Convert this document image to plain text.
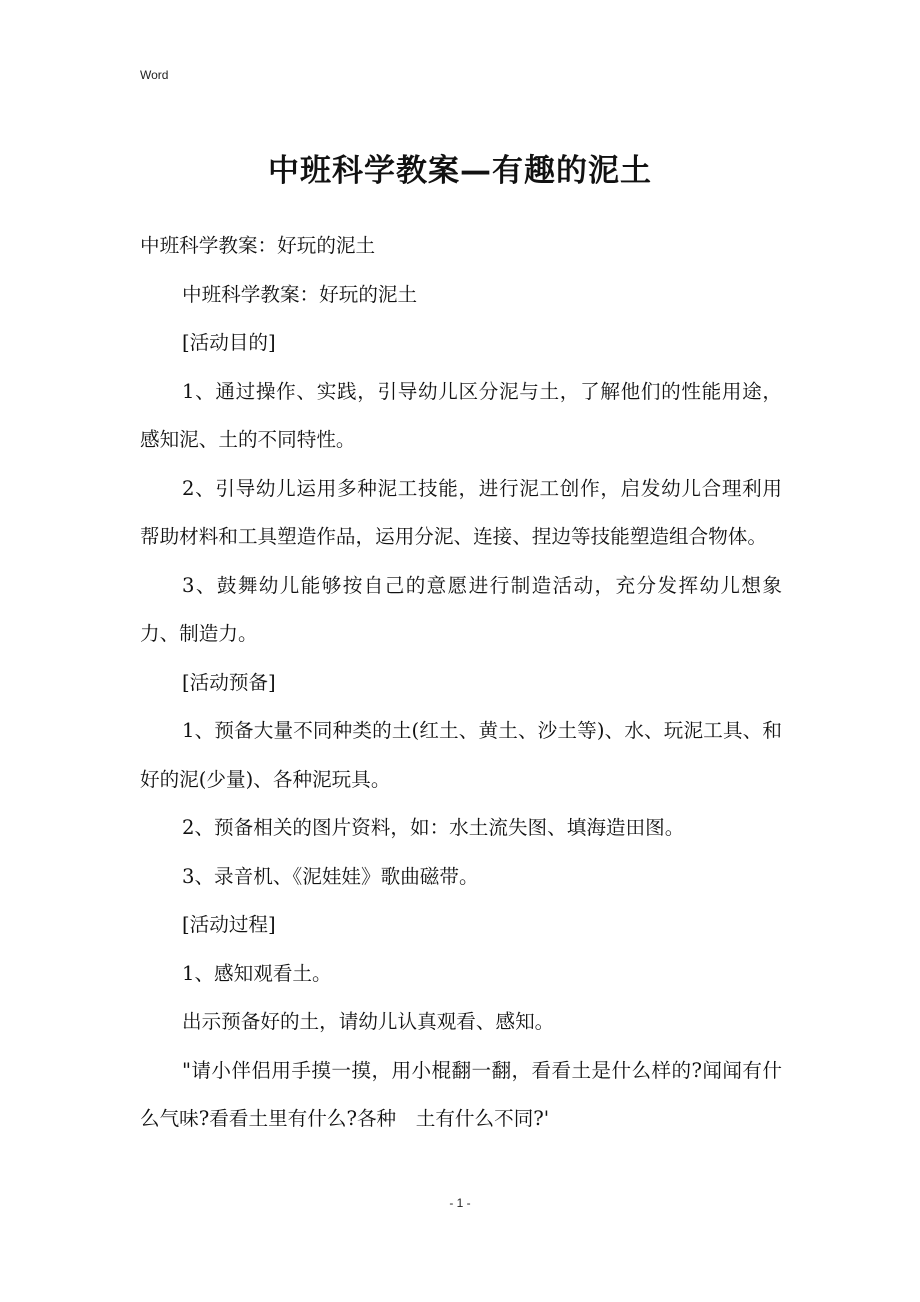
Word
中班科学教案—有趣的泥土

中班科学教案：好玩的泥土

中班科学教案：好玩的泥土

[活动目的]

1、通过操作、实践，引导幼儿区分泥与土，了解他们的性能用途，感知泥、土的不同特性。

2、引导幼儿运用多种泥工技能，进行泥工创作，启发幼儿合理利用帮助材料和工具塑造作品，运用分泥、连接、捏边等技能塑造组合物体。

3、鼓舞幼儿能够按自己的意愿进行制造活动，充分发挥幼儿想象力、制造力。

[活动预备]

1、预备大量不同种类的土(红土、黄土、沙土等)、水、玩泥工具、和好的泥(少量)、各种泥玩具。

2、预备相关的图片资料，如：水土流失图、填海造田图。

3、录音机、《泥娃娃》歌曲磁带。

[活动过程]

1、感知观看土。

出示预备好的土，请幼儿认真观看、感知。

"请小伴侣用手摸一摸，用小棍翻一翻，看看土是什么样的?闻闻有什么气味?看看土里有什么?各种　土有什么不同?'

- 1 -
